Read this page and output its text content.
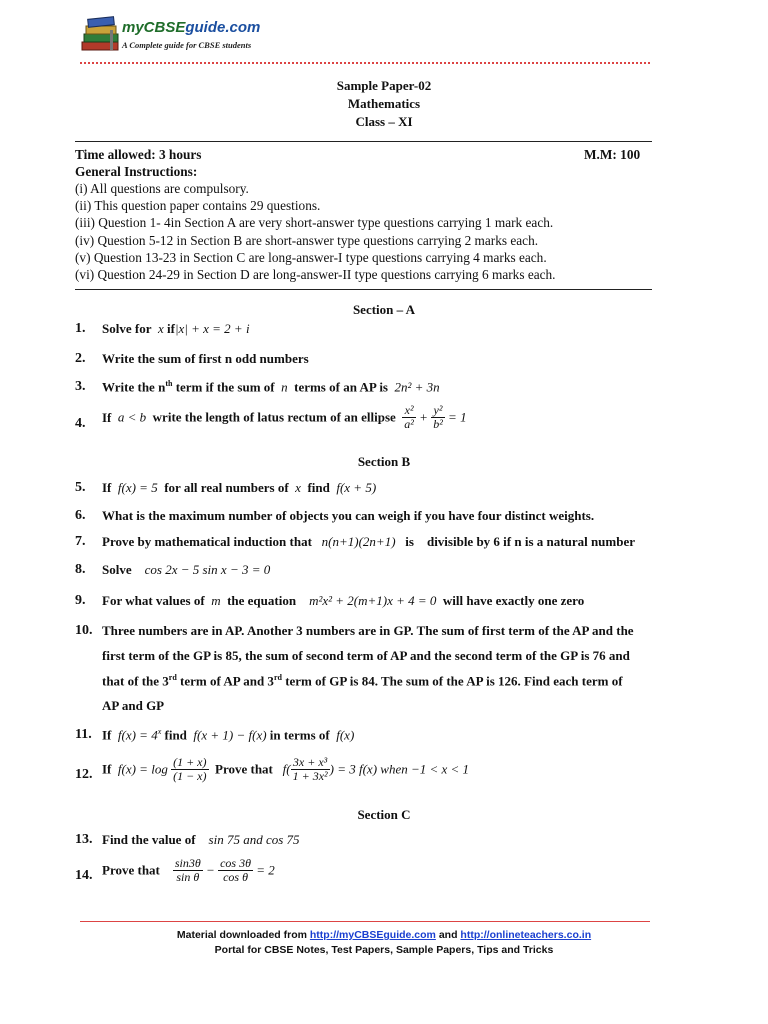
myCBSEguide.com
A Complete guide for CBSE students
Sample Paper-02
Mathematics
Class – XI
Time allowed: 3 hours	M.M: 100
General Instructions:
(i) All questions are compulsory.
(ii) This question paper contains 29 questions.
(iii) Question 1- 4in Section A are very short-answer type questions carrying 1 mark each.
(iv) Question 5-12 in Section B are short-answer type questions carrying 2 marks each.
(v) Question 13-23 in Section C are long-answer-I type questions carrying 4 marks each.
(vi) Question 24-29 in Section D are long-answer-II type questions carrying 6 marks each.
Section – A
1. Solve for x if|x| + x = 2 + i
2. Write the sum of first n odd numbers
3. Write the $n^{th}$ term if the sum of n terms of an AP is 2n² + 3n
4. If a < b write the length of latus rectum of an ellipse $\frac{\text{x²}}{\text{a²}} + \frac{\text{y²}}{\text{b²}} = 1$
Section B
5. If f(x) = 5 for all real numbers of x find f(x + 5)
6. What is the maximum number of objects you can weigh if you have four distinct weights.
7. Prove by mathematical induction that n(n+1)(2n+1) is divisible by 6 if n is a natural number
8. Solve cos 2x − 5 sin x − 3 = 0
9. For what values of m the equation m²x² + 2(m+1)x + 4 = 0 will have exactly one zero
10. Three numbers are in AP. Another 3 numbers are in GP. The sum of first term of the AP and the
first term of the GP is 85, the sum of second term of AP and the second term of the GP is 76 and
that of the 3rd term of AP and 3rd term of GP is 84. The sum of the AP is 126. Find each term of
AP and GP
11. If $f(x) = 4^x$ find f(x + 1) − f(x) in terms of f(x)
12. If $f(x) = \log \frac{(1 + x)}{(1 - x)}$ Prove that $f( \frac{\text{3x + x³}}{\text{1 + 3x²}}$ ) = 3 f(x) when −1 < x < 1
Section C
13. Find the value of sin 75 and cos 75
14. Prove that $\frac{\sin 3\theta}{\text{sin θ}} - \frac{\cos 3\theta}{\text{cos θ}} = 2$
Material downloaded from http://myCBSEguide.com and http://onlineteachers.co.in
Portal for CBSE Notes, Test Papers, Sample Papers, Tips and Tricks
